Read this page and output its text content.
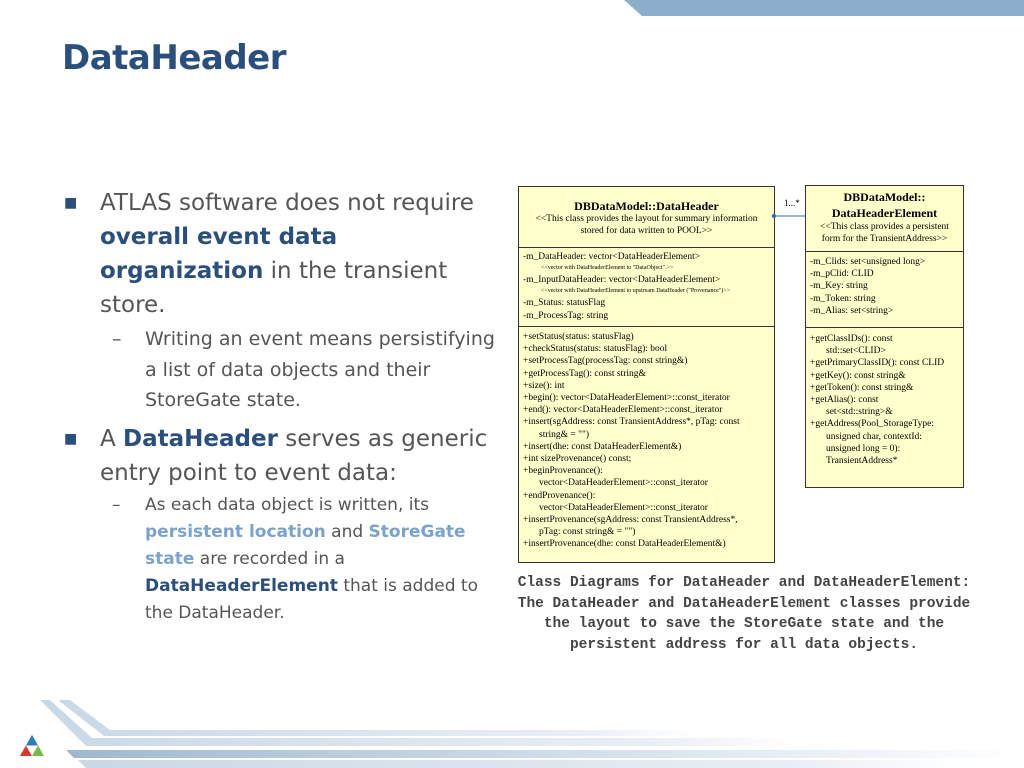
DataHeader
■ ATLAS software does not require overall event data organization in the transient store.
– Writing an event means persistifying a list of data objects and their StoreGate state.
■ A DataHeader serves as generic entry point to event data:
– As each data object is written, its persistent location and StoreGate state are recorded in a DataHeaderElement that is added to the DataHeader.
DBDataModel::DataHeader
<<This class provides the layout for summary information stored for data written to POOL>>
-m_DataHeader: vector<DataHeaderElement>
<<vector with DataHeaderElement to "DataObject".>>
-m_InputDataHeader: vector<DataHeaderElement>
<<vector with DataHeaderElement to upstream DataHeader ("Provenance")>>
-m_Status: statusFlag
-m_ProcessTag: string
+setStatus(status: statusFlag)
+checkStatus(status: statusFlag): bool
+setProcessTag(processTag: const string&)
+getProcessTag(): const string&
+size(): int
+begin(): vector<DataHeaderElement>::const_iterator
+end(): vector<DataHeaderElement>::const_iterator
+insert(sgAddress: const TransientAddress*, pTag: const
string& = "")
+insert(dhe: const DataHeaderElement&)
+int sizeProvenance() const;
+beginProvenance():
vector<DataHeaderElement>::const_iterator
+endProvenance():
vector<DataHeaderElement>::const_iterator
+insertProvenance(sgAddress: const TransientAddress*,
pTag: const string& = "")
+insertProvenance(dhe: const DataHeaderElement&)
1...*	DBDataModel::
DataHeaderElement
<<This class provides a persistent form for the TransientAddress>>
-m_Clids: set<unsigned long>
-m_pClid: CLID
-m_Key: string
-m_Token: string
-m_Alias: set<string>
+getClassIDs(): const
std::set<CLID>
+getPrimaryClassID(): const CLID
+getKey(): const string&
+getToken(): const string&
+getAlias(): const
set<std::string>&
+getAddress(Pool_StorageType:
unsigned char, contextId:
unsigned long = 0):
TransientAddress*
Class Diagrams for DataHeader and DataHeaderElement: The DataHeader and DataHeaderElement classes provide the layout to save the StoreGate state and the persistent address for all data objects.
